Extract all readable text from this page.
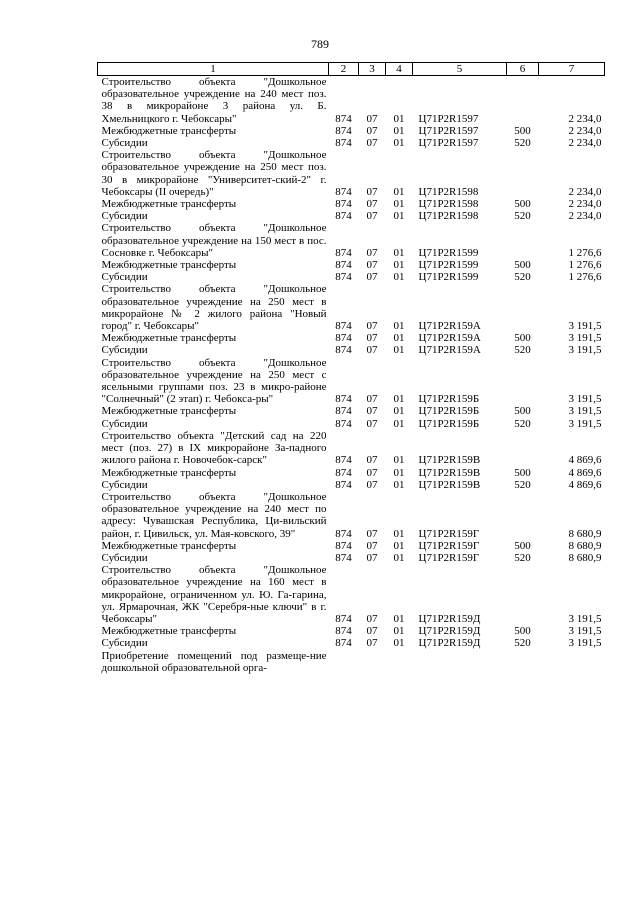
789
1	2	3	4	5	6	7
Строительство объекта "Дошкольное образовательное учреждение на 240 мест поз. 38 в микрорайоне 3 района ул. Б. Хмельницкого г. Чебоксары"	874	07	01	Ц71Р2R1597		2 234,0
Межбюджетные трансферты	874	07	01	Ц71Р2R1597	500	2 234,0
Субсидии	874	07	01	Ц71Р2R1597	520	2 234,0
Строительство объекта "Дошкольное образовательное учреждение на 250 мест поз. 30 в микрорайоне "Университет-ский-2" г. Чебоксары (II очередь)"	874	07	01	Ц71Р2R1598		2 234,0
Межбюджетные трансферты	874	07	01	Ц71Р2R1598	500	2 234,0
Субсидии	874	07	01	Ц71Р2R1598	520	2 234,0
Строительство объекта "Дошкольное образовательное учреждение на 150 мест в пос. Сосновке г. Чебоксары"	874	07	01	Ц71Р2R1599		1 276,6
Межбюджетные трансферты	874	07	01	Ц71Р2R1599	500	1 276,6
Субсидии	874	07	01	Ц71Р2R1599	520	1 276,6
Строительство объекта "Дошкольное образовательное учреждение на 250 мест в микрорайоне № 2 жилого района "Новый город" г. Чебоксары"	874	07	01	Ц71Р2R159А		3 191,5
Межбюджетные трансферты	874	07	01	Ц71Р2R159А	500	3 191,5
Субсидии	874	07	01	Ц71Р2R159А	520	3 191,5
Строительство объекта "Дошкольное образовательное учреждение на 250 мест с ясельными группами поз. 23 в микро-районе "Солнечный" (2 этап) г. Чебокса-ры"	874	07	01	Ц71Р2R159Б		3 191,5
Межбюджетные трансферты	874	07	01	Ц71Р2R159Б	500	3 191,5
Субсидии	874	07	01	Ц71Р2R159Б	520	3 191,5
Строительство объекта "Детский сад на 220 мест (поз. 27) в IX микрорайоне За-падного жилого района г. Новочебок-сарск"	874	07	01	Ц71Р2R159В		4 869,6
Межбюджетные трансферты	874	07	01	Ц71Р2R159В	500	4 869,6
Субсидии	874	07	01	Ц71Р2R159В	520	4 869,6
Строительство объекта "Дошкольное образовательное учреждение на 240 мест по адресу: Чувашская Республика, Ци-вильский район, г. Цивильск, ул. Мая-ковского, 39"	874	07	01	Ц71Р2R159Г		8 680,9
Межбюджетные трансферты	874	07	01	Ц71Р2R159Г	500	8 680,9
Субсидии	874	07	01	Ц71Р2R159Г	520	8 680,9
Строительство объекта "Дошкольное образовательное учреждение на 160 мест в микрорайоне, ограниченном ул. Ю. Га-гарина, ул. Ярмарочная, ЖК "Серебря-ные ключи" в г. Чебоксары"	874	07	01	Ц71Р2R159Д		3 191,5
Межбюджетные трансферты	874	07	01	Ц71Р2R159Д	500	3 191,5
Субсидии	874	07	01	Ц71Р2R159Д	520	3 191,5
Приобретение помещений под размеще-ние дошкольной образовательной орга-						
